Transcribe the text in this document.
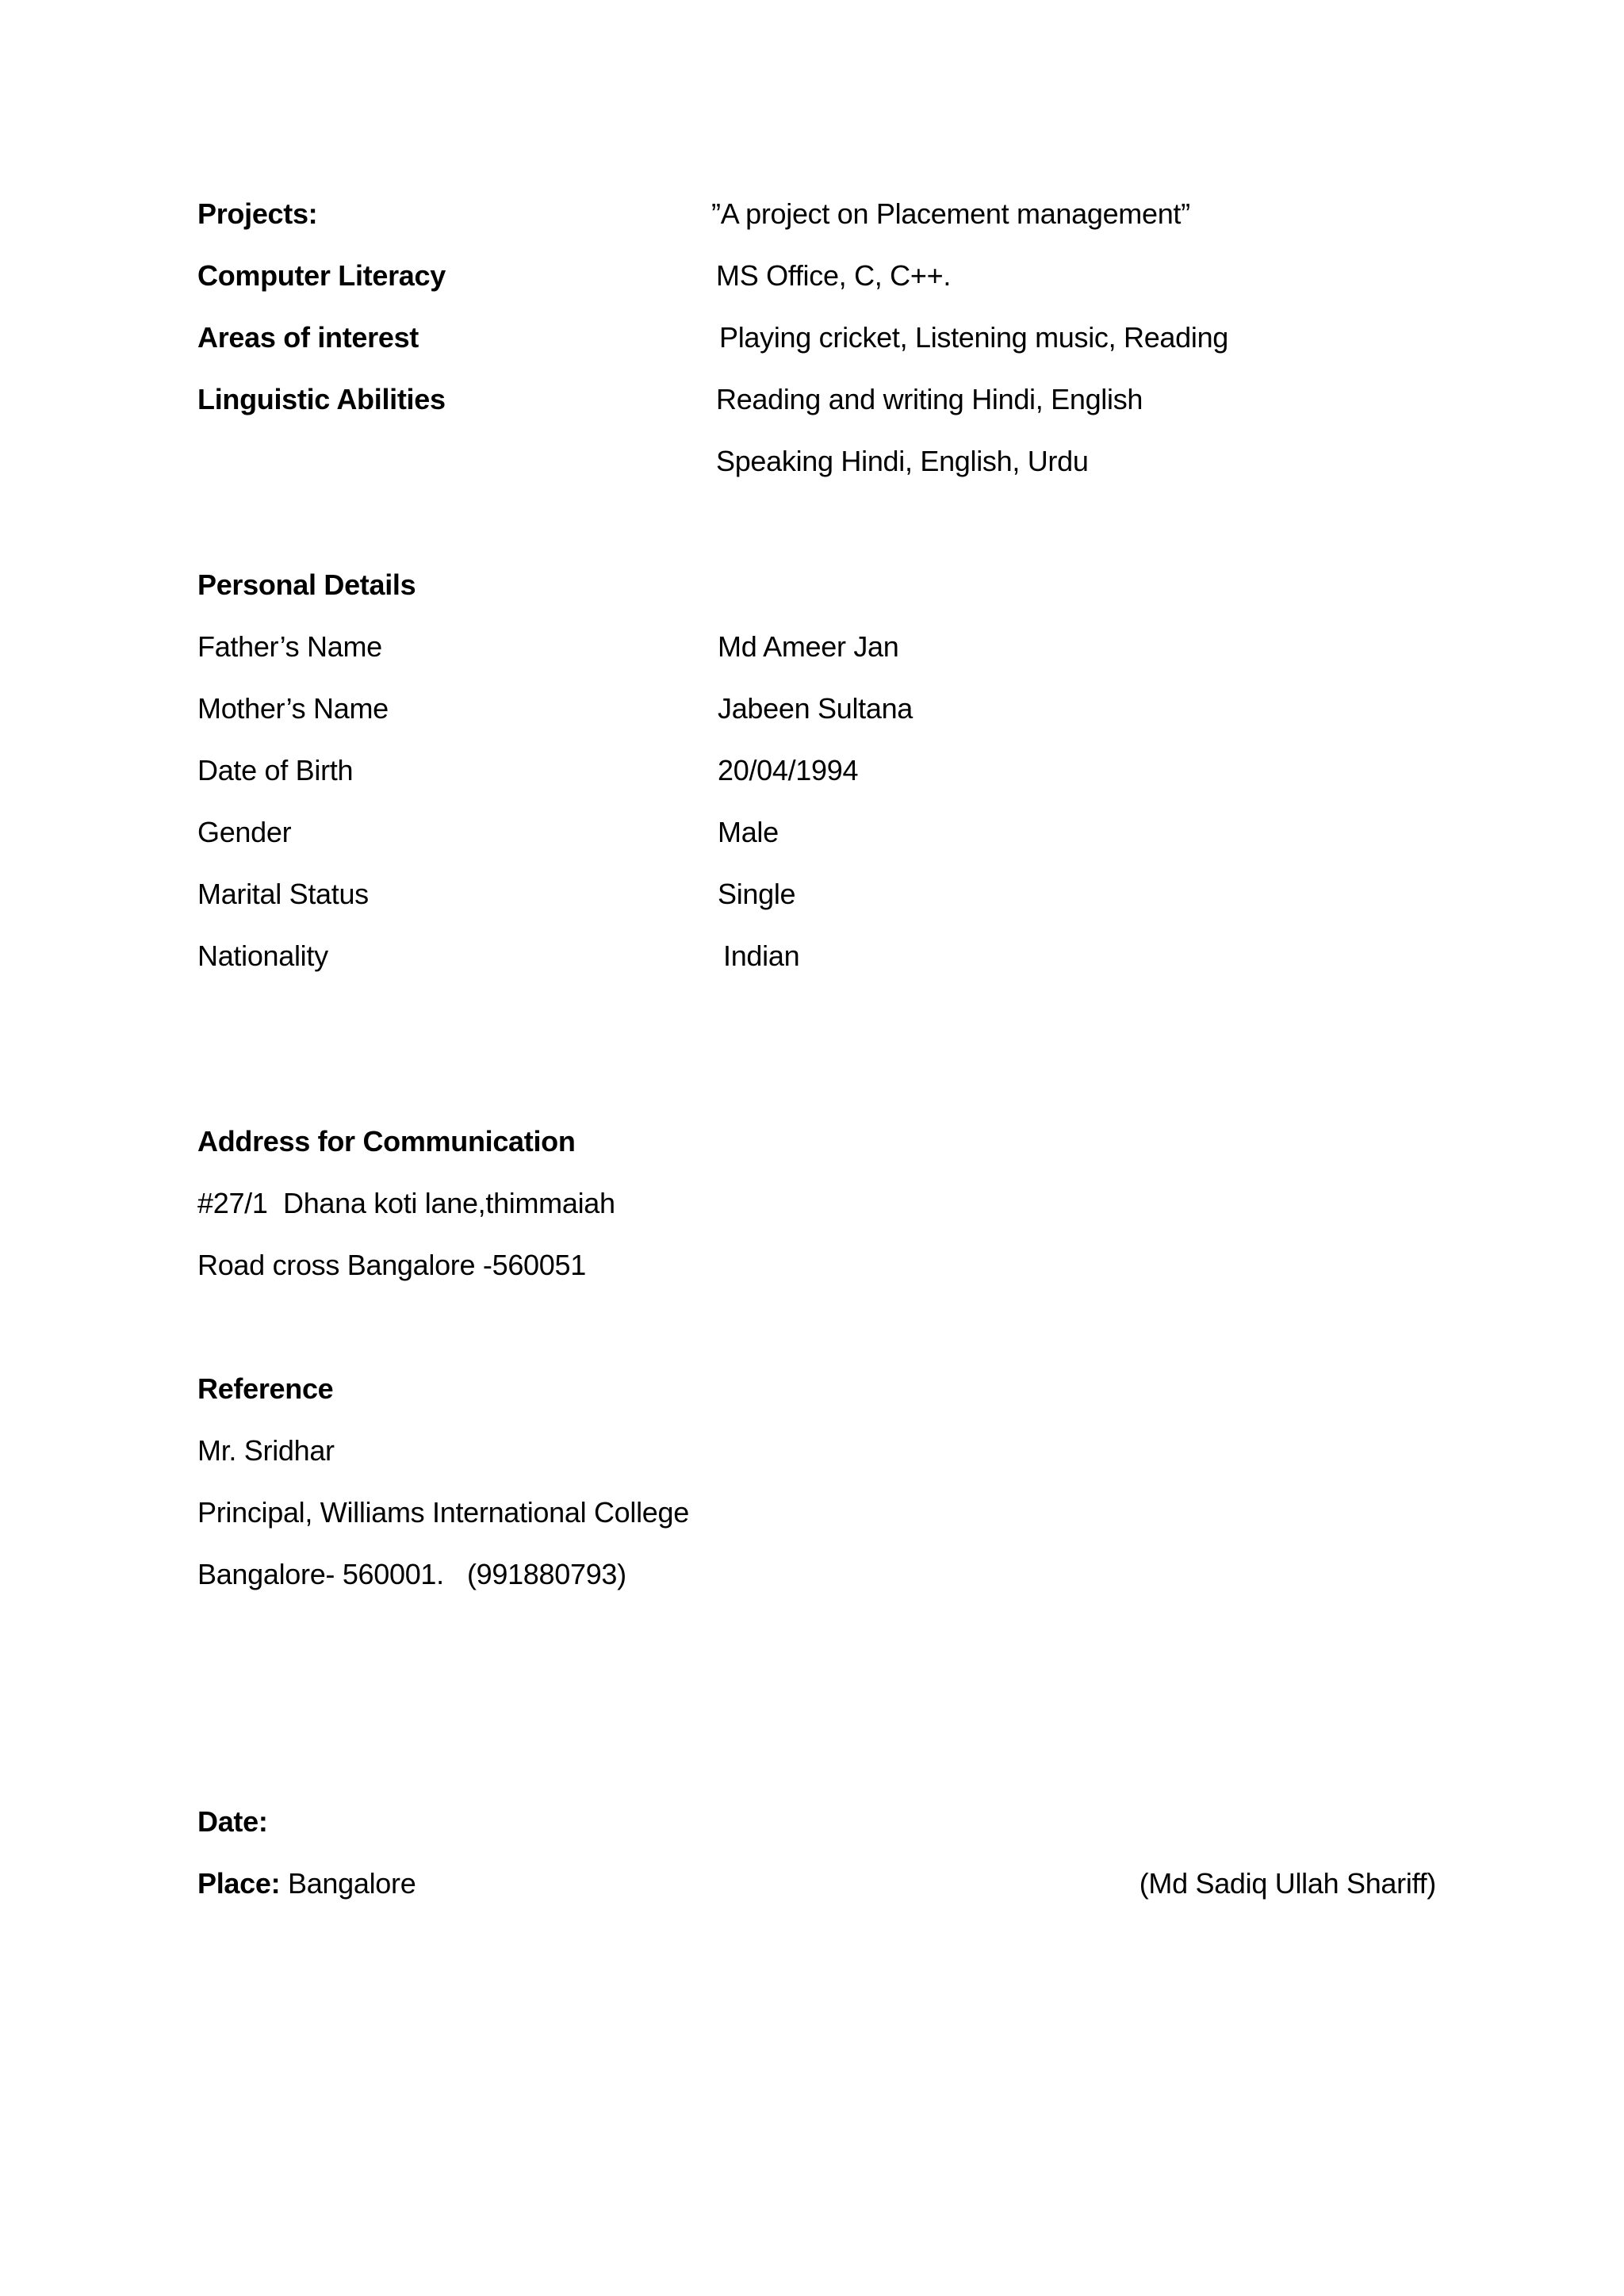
Projects:	”A project on Placement management”
Computer Literacy	MS Office, C, C++.
Areas of interest	Playing cricket, Listening music, Reading
Linguistic Abilities	Reading and writing Hindi, English
Speaking Hindi, English, Urdu
Personal Details
Father’s Name	Md Ameer Jan
Mother’s Name	Jabeen Sultana
Date of Birth	20/04/1994
Gender	Male
Marital Status	Single
Nationality	Indian
Address for Communication
#27/1  Dhana koti lane,thimmaiah
Road cross Bangalore -560051
Reference
Mr. Sridhar
Principal, Williams International College
Bangalore- 560001.   (991880793)
Date:
Place: Bangalore	(Md Sadiq Ullah Shariff)
